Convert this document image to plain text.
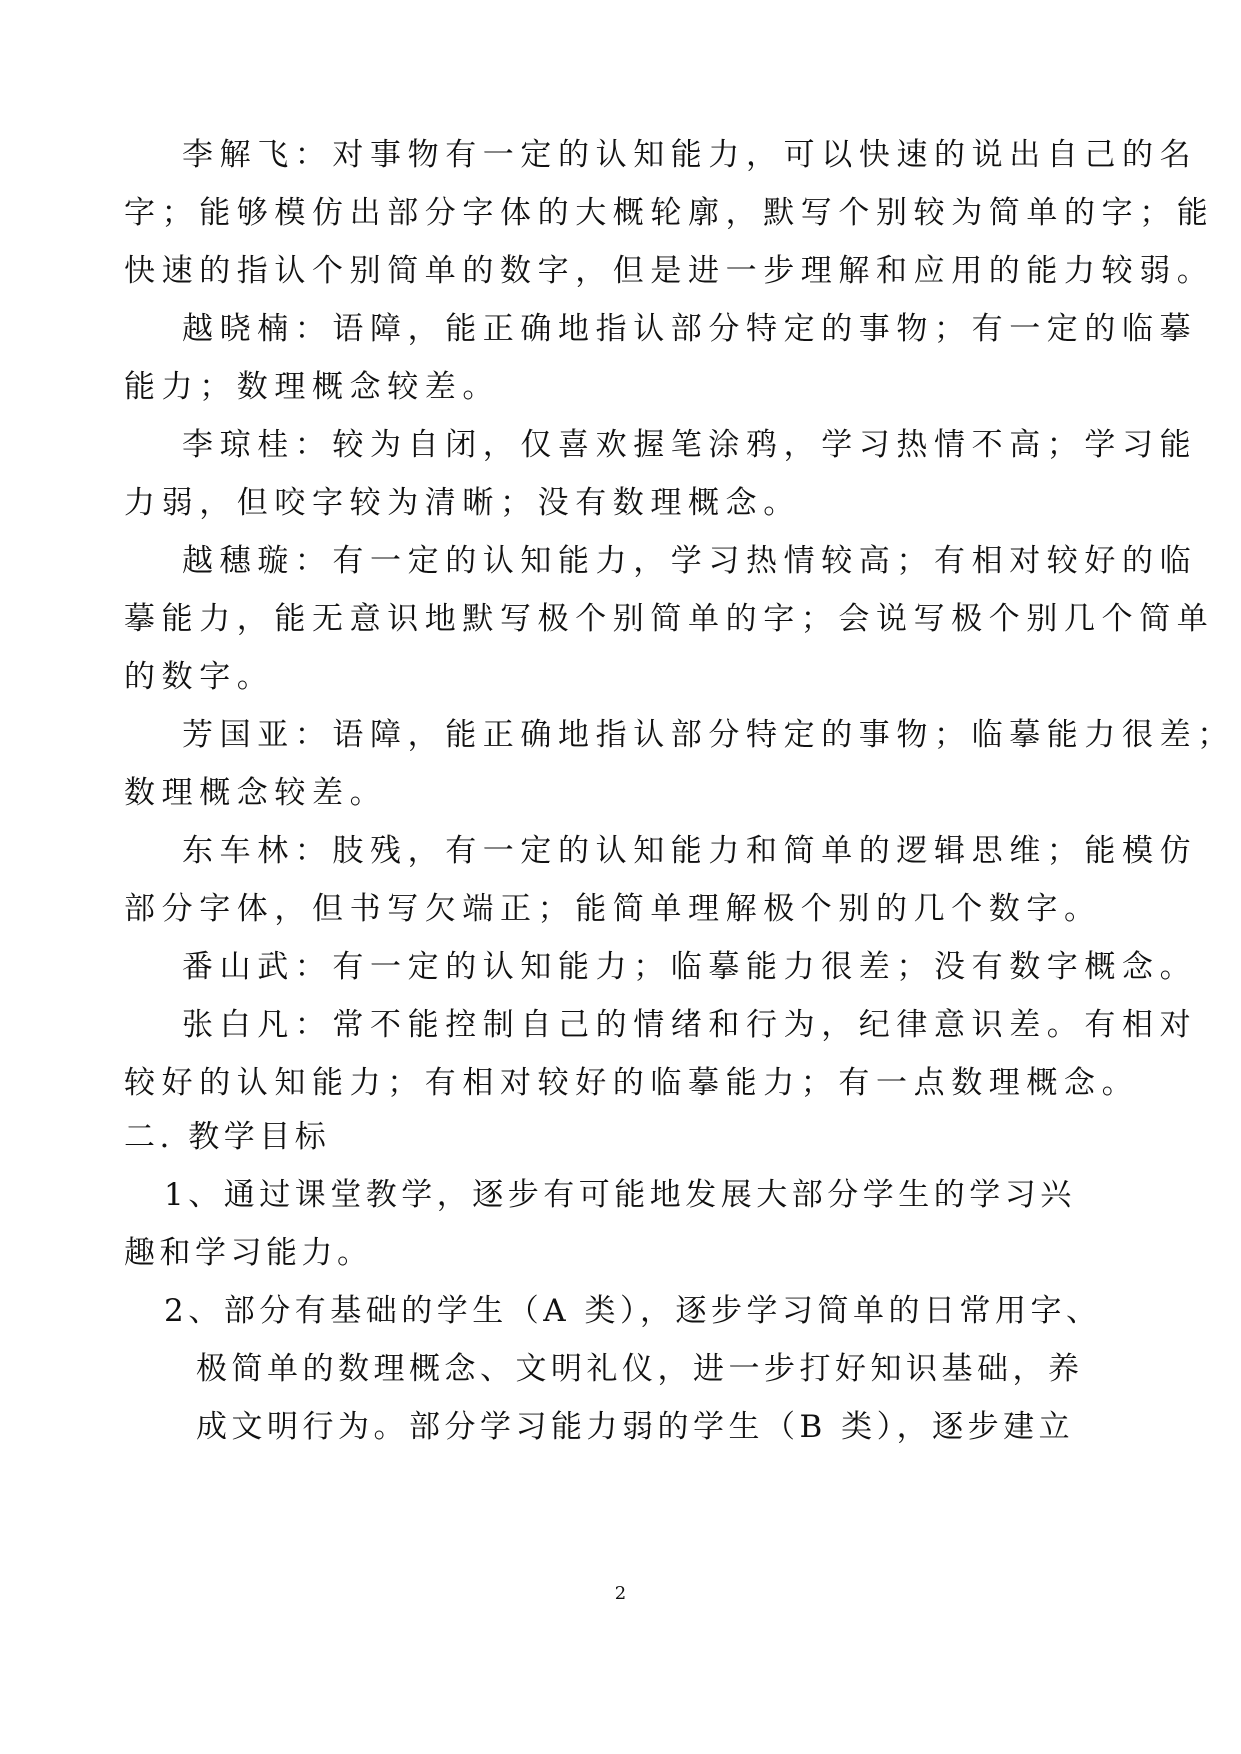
李解飞：对事物有一定的认知能力，可以快速的说出自己的名
字；能够模仿出部分字体的大概轮廓，默写个别较为简单的字；能
快速的指认个别简单的数字，但是进一步理解和应用的能力较弱。
越晓楠：语障，能正确地指认部分特定的事物；有一定的临摹
能力；数理概念较差。
李琼桂：较为自闭，仅喜欢握笔涂鸦，学习热情不高；学习能
力弱，但咬字较为清晰；没有数理概念。
越穗璇：有一定的认知能力，学习热情较高；有相对较好的临
摹能力，能无意识地默写极个别简单的字；会说写极个别几个简单
的数字。
芳国亚：语障，能正确地指认部分特定的事物；临摹能力很差；
数理概念较差。
东车林：肢残，有一定的认知能力和简单的逻辑思维；能模仿
部分字体，但书写欠端正；能简单理解极个别的几个数字。
番山武：有一定的认知能力；临摹能力很差；没有数字概念。
张白凡：常不能控制自己的情绪和行为，纪律意识差。有相对
较好的认知能力；有相对较好的临摹能力；有一点数理概念。
二. 教学目标
1、通过课堂教学，逐步有可能地发展大部分学生的学习兴
趣和学习能力。
2、部分有基础的学生（A 类），逐步学习简单的日常用字、
极简单的数理概念、文明礼仪，进一步打好知识基础，养
成文明行为。部分学习能力弱的学生（B 类），逐步建立
2
